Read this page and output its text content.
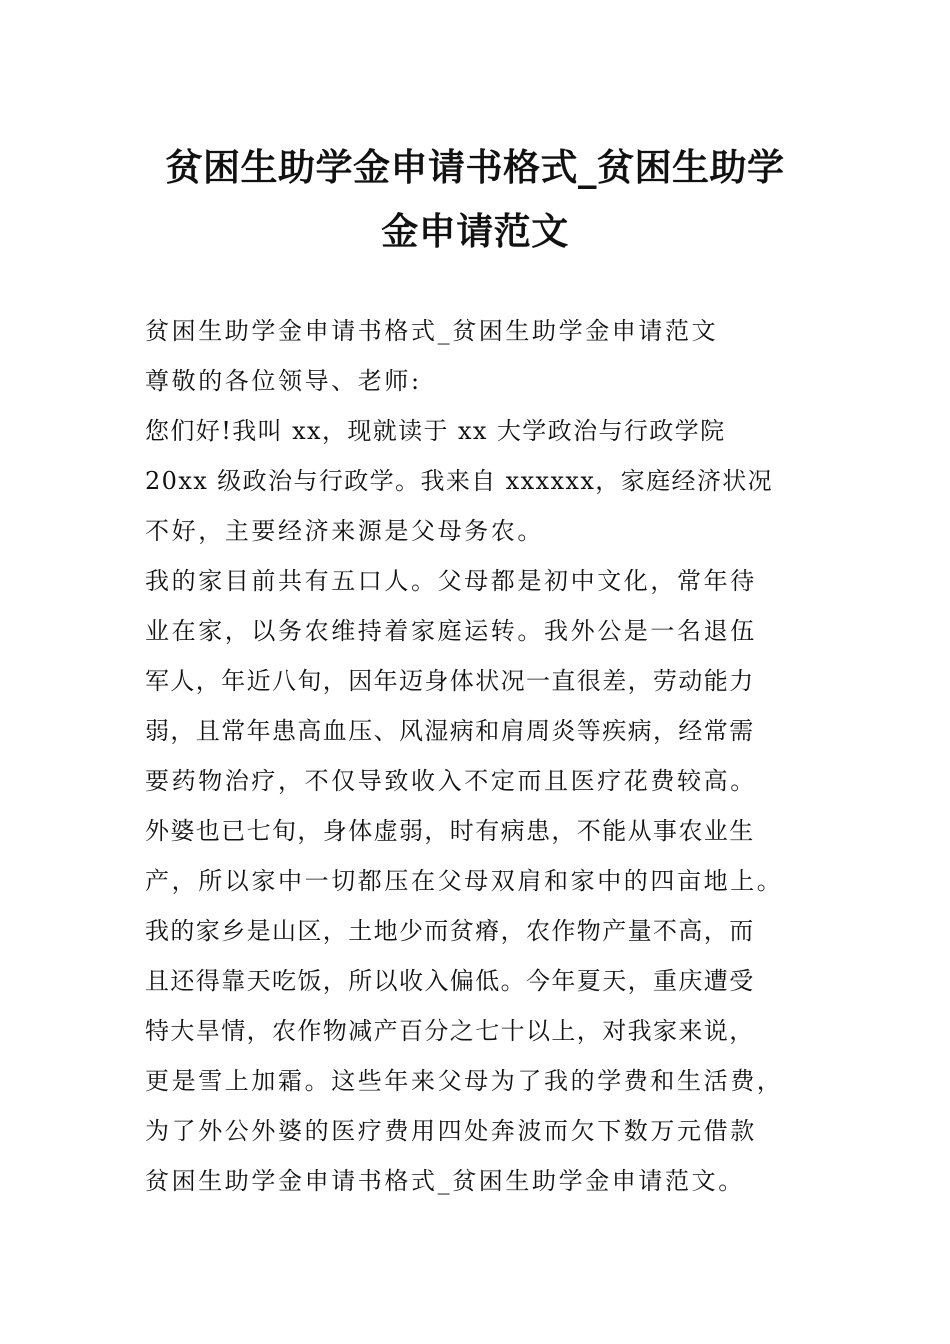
贫困生助学金申请书格式_贫困生助学
金申请范文
贫困生助学金申请书格式_贫困生助学金申请范文
尊敬的各位领导、老师:
您们好!我叫 xx，现就读于 xx 大学政治与行政学院
20xx 级政治与行政学。我来自 xxxxxx，家庭经济状况
不好，主要经济来源是父母务农。
我的家目前共有五口人。父母都是初中文化，常年待
业在家，以务农维持着家庭运转。我外公是一名退伍
军人，年近八旬，因年迈身体状况一直很差，劳动能力
弱，且常年患高血压、风湿病和肩周炎等疾病，经常需
要药物治疗，不仅导致收入不定而且医疗花费较高。
外婆也已七旬，身体虚弱，时有病患，不能从事农业生
产，所以家中一切都压在父母双肩和家中的四亩地上。
我的家乡是山区，土地少而贫瘠，农作物产量不高，而
且还得靠天吃饭，所以收入偏低。今年夏天，重庆遭受
特大旱情，农作物减产百分之七十以上，对我家来说，
更是雪上加霜。这些年来父母为了我的学费和生活费，
为了外公外婆的医疗费用四处奔波而欠下数万元借款
贫困生助学金申请书格式_贫困生助学金申请范文。
